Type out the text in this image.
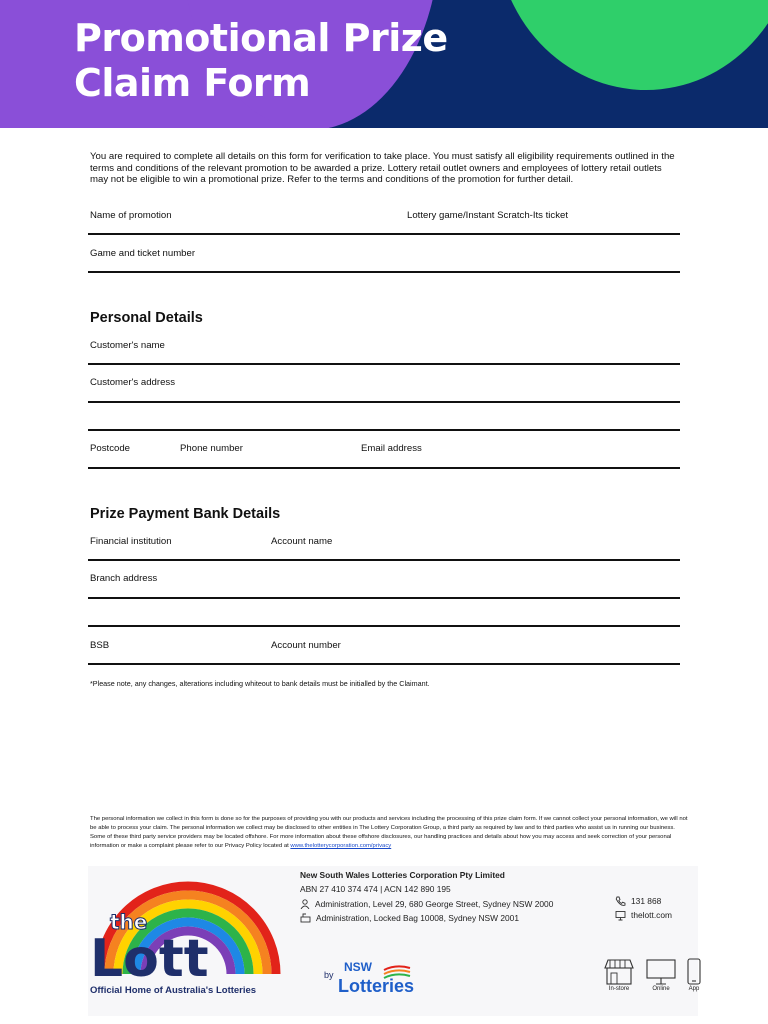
Promotional Prize
Claim Form
You are required to complete all details on this form for verification to take place. You must satisfy all eligibility requirements outlined in the terms and conditions of the relevant promotion to be awarded a prize. Lottery retail outlet owners and employees of lottery retail outlets may not be eligible to win a promotional prize. Refer to the terms and conditions of the promotion for further detail.
Name of promotion	Lottery game/Instant Scratch-Its ticket
Game and ticket number
Personal Details
Customer's name
Customer's address
Postcode	Phone number	Email address
Prize Payment Bank Details
Financial institution	Account name
Branch address
BSB	Account number
*Please note, any changes, alterations including whiteout to bank details must be initialled by the Claimant.
The personal information we collect in this form is done so for the purposes of providing you with our products and services including the processing of this prize claim form. If we cannot collect your personal information, we will not be able to process your claim. The personal information we collect may be disclosed to other entities in The Lottery Corporation Group, a third party as required by law and to third parties who assist us in running our business. Some of these third party service providers may be located offshore. For more information about these offshore disclosures, our handling practices and details about how you may access and seek correction of your personal information or make a complaint please refer to our Privacy Policy located at www.thelotterycorporation.com/privacy
the
Lott
Official Home of Australia's Lotteries
New South Wales Lotteries Corporation Pty Limited
ABN 27 410 374 474 | ACN 142 890 195
Administration, Level 29, 680 George Street, Sydney NSW 2000
Administration, Locked Bag 10008, Sydney NSW 2001
131 868
thelott.com
by
NSW
Lotteries	In-store	Online	App
